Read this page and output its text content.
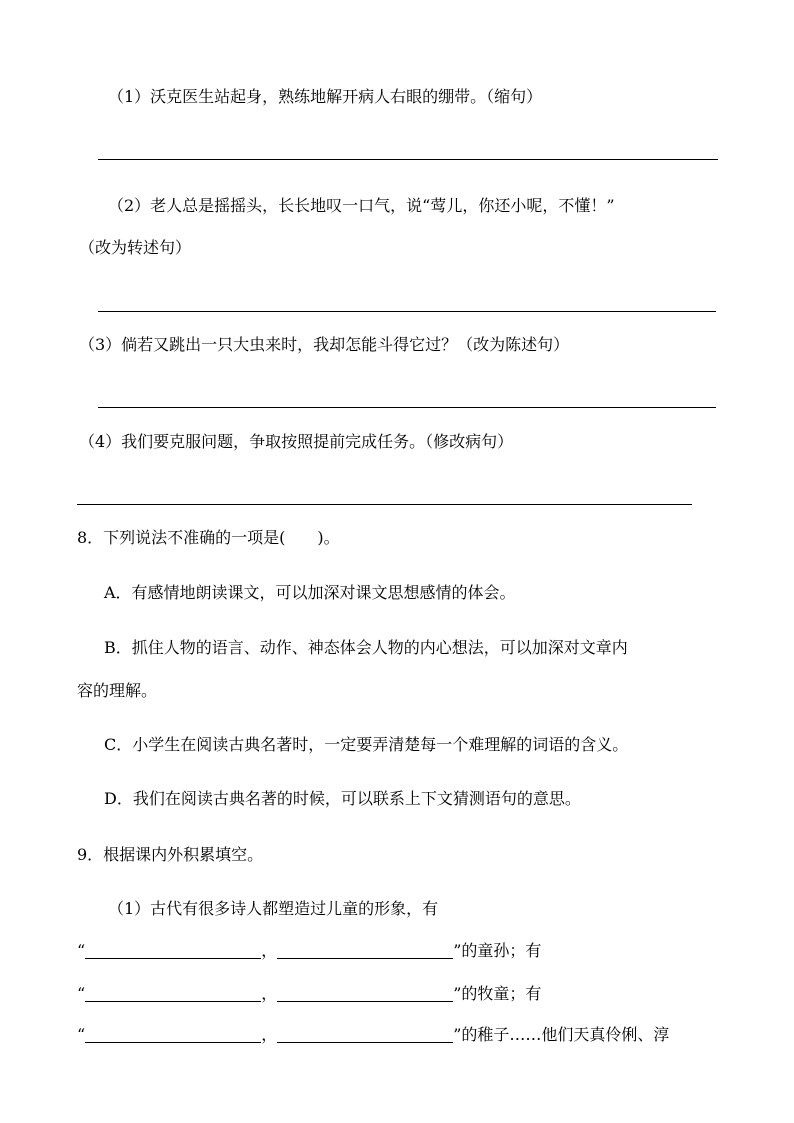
（1）沃克医生站起身，熟练地解开病人右眼的绷带。（缩句）
（2）老人总是摇摇头，长长地叹一口气，说“莺儿，你还小呢，不懂！”
（改为转述句）
（3）倘若又跳出一只大虫来时，我却怎能斗得它过？（改为陈述句）
（4）我们要克服问题，争取按照提前完成任务。（修改病句）
8．下列说法不准确的一项是(　　)。
A．有感情地朗读课文，可以加深对课文思想感情的体会。
B．抓住人物的语言、动作、神态体会人物的内心想法，可以加深对文章内
容的理解。
C．小学生在阅读古典名著时，一定要弄清楚每一个难理解的词语的含义。
D．我们在阅读古典名著的时候，可以联系上下文猜测语句的意思。
9．根据课内外积累填空。
（1）古代有很多诗人都塑造过儿童的形象，有
“	，	”的童孙；有
“	，	”的牧童；有
“	，	”的稚子……他们天真伶俐、淳
